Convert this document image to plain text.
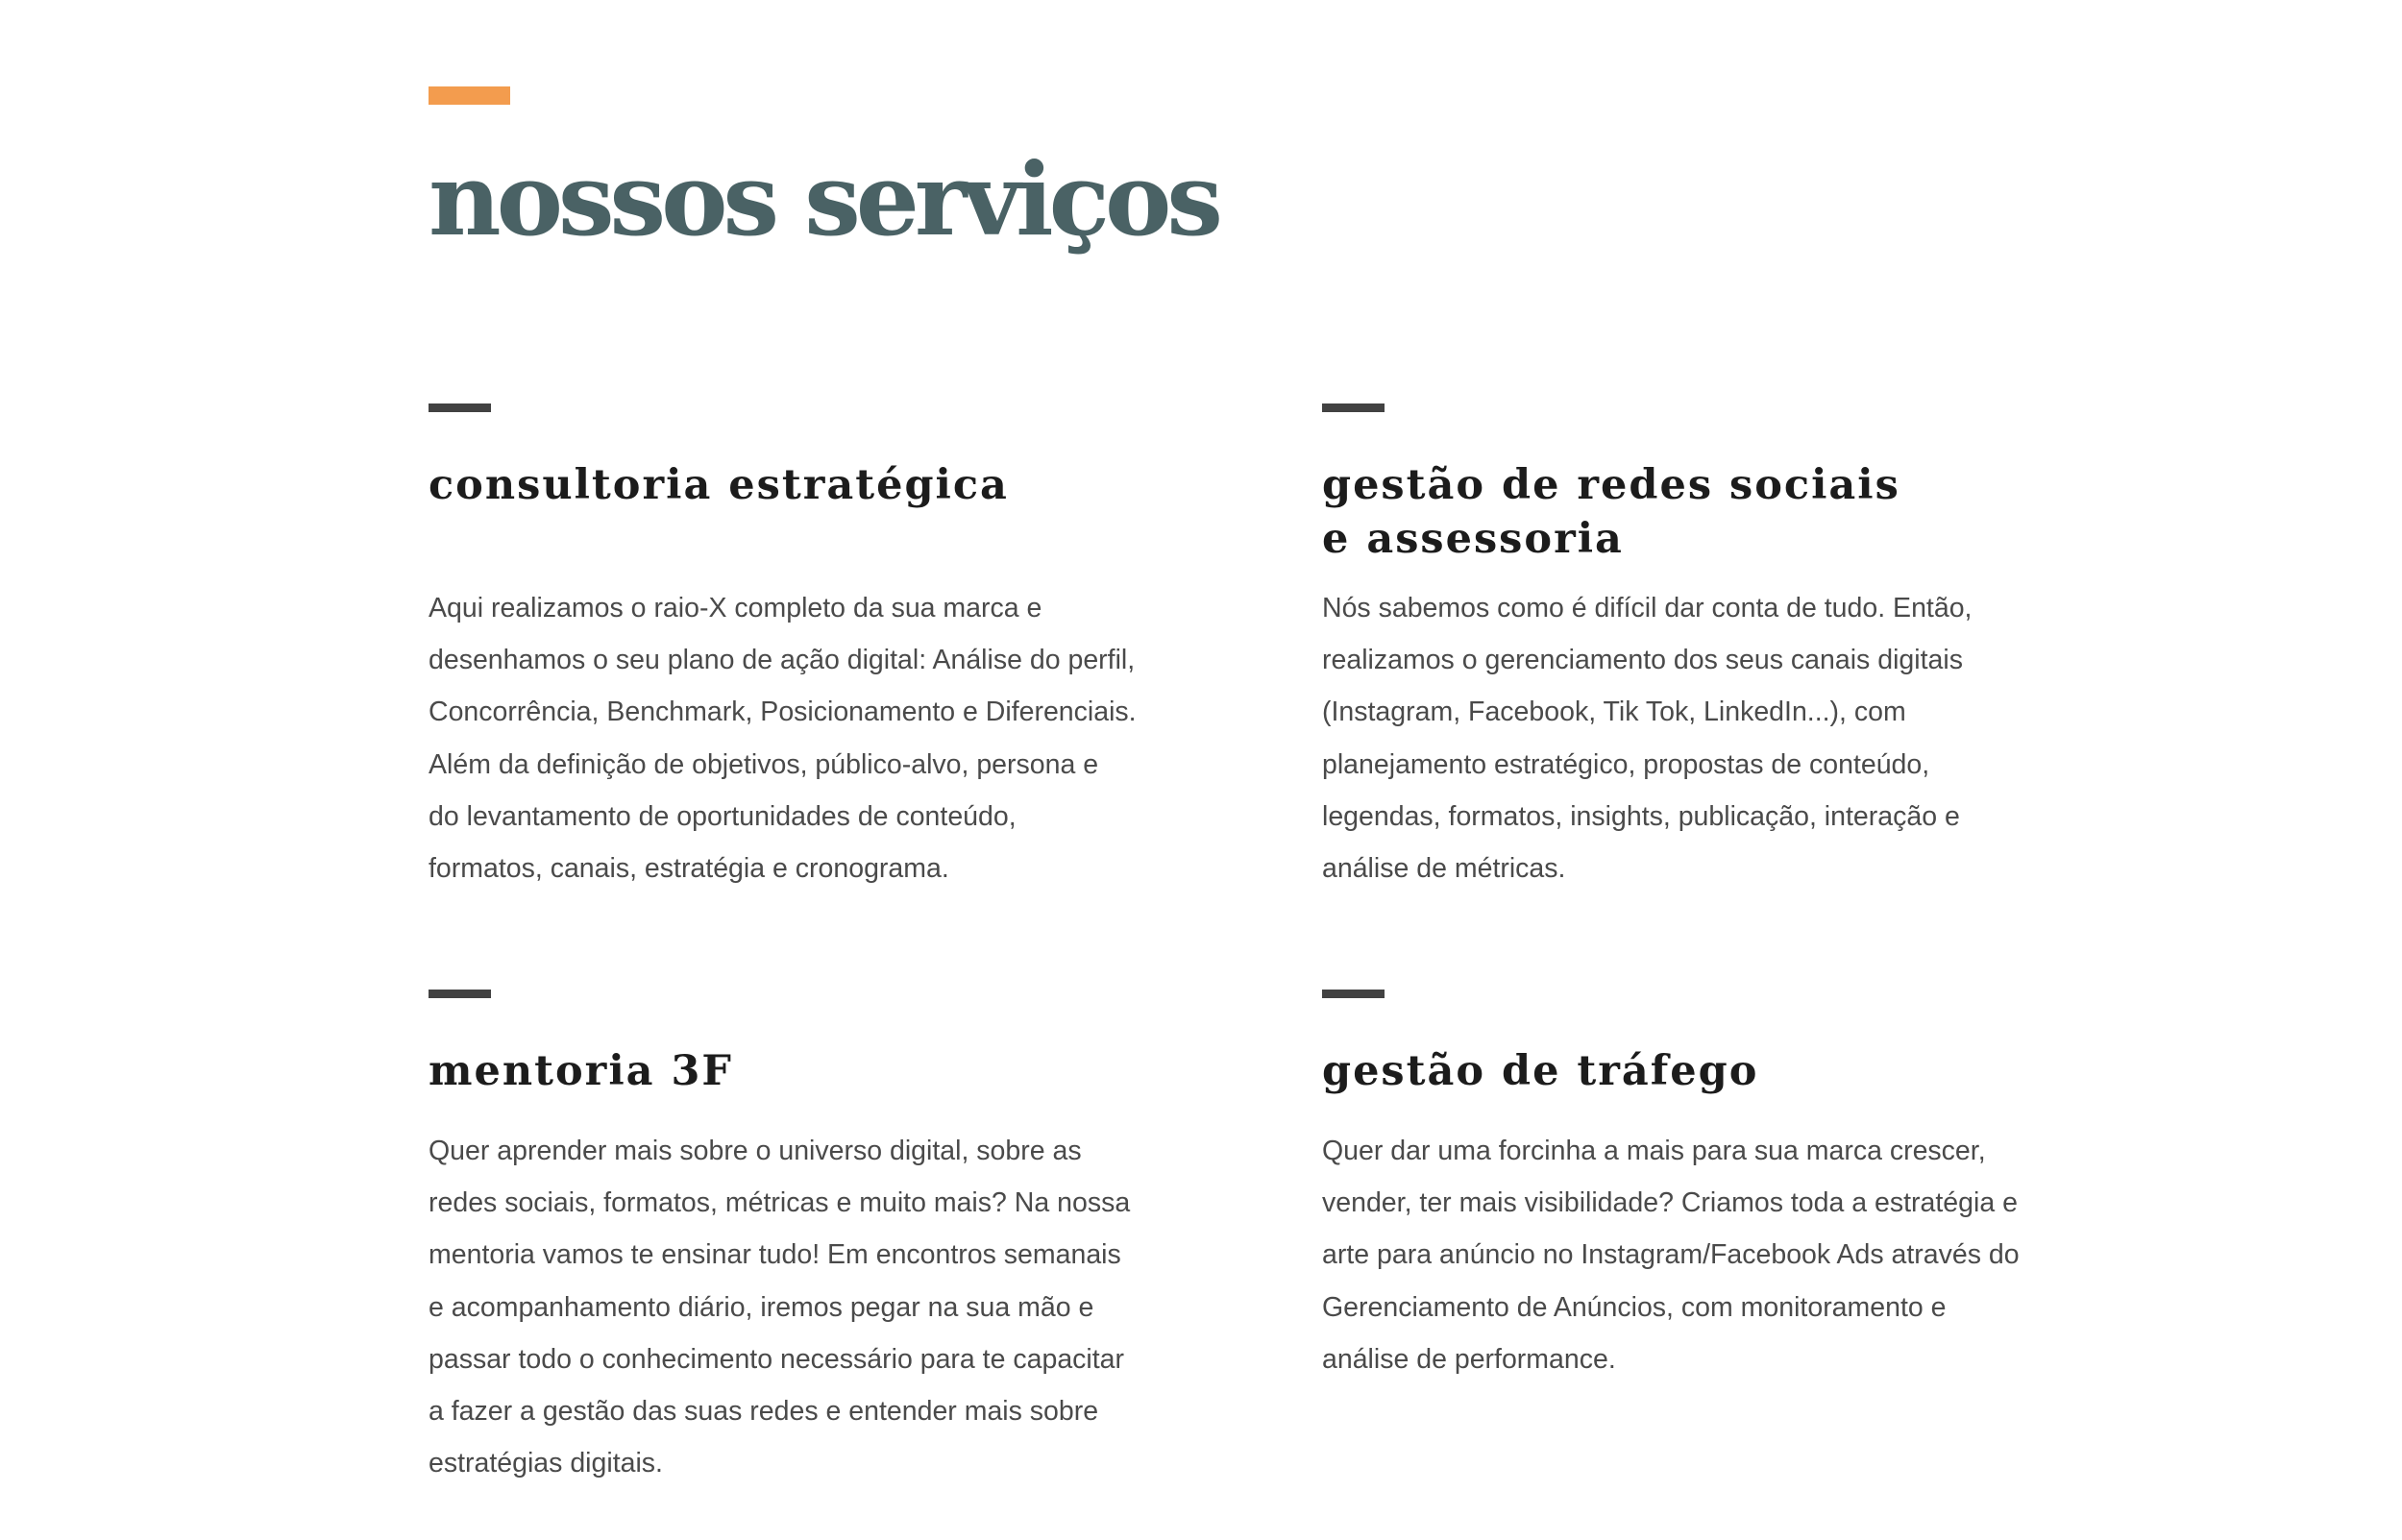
nossos serviços
consultoria estratégica

Aqui realizamos o raio-X completo da sua marca e
desenhamos o seu plano de ação digital: Análise do perfil,
Concorrência, Benchmark, Posicionamento e Diferenciais.
Além da definição de objetivos, público-alvo, persona e
do levantamento de oportunidades de conteúdo,
formatos, canais, estratégia e cronograma.

gestão de redes sociais
e assessoria

Nós sabemos como é difícil dar conta de tudo. Então,
realizamos o gerenciamento dos seus canais digitais
(Instagram, Facebook, Tik Tok, LinkedIn...), com
planejamento estratégico, propostas de conteúdo,
legendas, formatos, insights, publicação, interação e
análise de métricas.

mentoria 3F

Quer aprender mais sobre o universo digital, sobre as
redes sociais, formatos, métricas e muito mais? Na nossa
mentoria vamos te ensinar tudo! Em encontros semanais
e acompanhamento diário, iremos pegar na sua mão e
passar todo o conhecimento necessário para te capacitar
a fazer a gestão das suas redes e entender mais sobre
estratégias digitais.

gestão de tráfego

Quer dar uma forcinha a mais para sua marca crescer,
vender, ter mais visibilidade? Criamos toda a estratégia e
arte para anúncio no Instagram/Facebook Ads através do
Gerenciamento de Anúncios, com monitoramento e
análise de performance.
